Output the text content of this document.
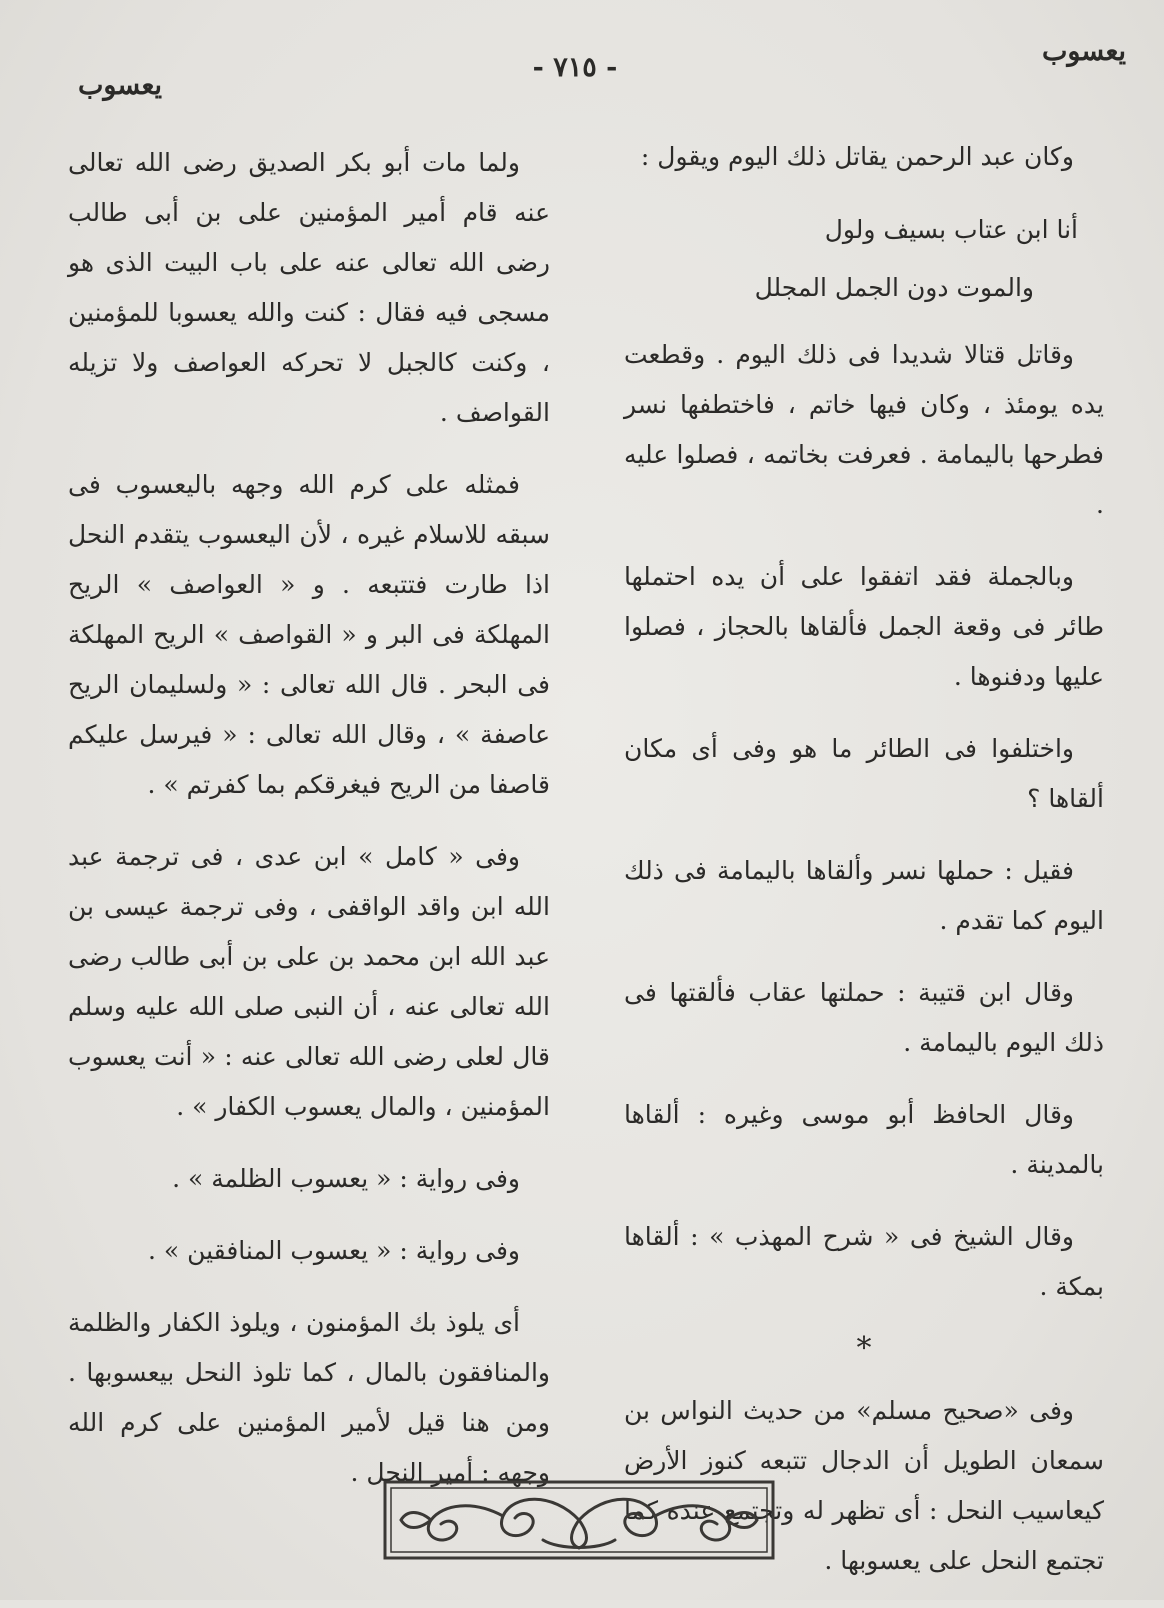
يعسوب
- ٧١٥ -
يعسوب

وكان عبد الرحمن يقاتل ذلك اليوم ويقول :

أنا ابن عتاب بسيف ولول
والموت دون الجمل المجلل

وقاتل قتالا شديدا فى ذلك اليوم . وقطعت يده يومئذ ، وكان فيها خاتم ، فاختطفها نسر فطرحها باليمامة . فعرفت بخاتمه ، فصلوا عليه .

وبالجملة فقد اتفقوا على أن يده احتملها طائر فى وقعة الجمل فألقاها بالحجاز ، فصلوا عليها ودفنوها .

واختلفوا فى الطائر ما هو وفى أى مكان ألقاها ؟

فقيل : حملها نسر وألقاها باليمامة فى ذلك اليوم كما تقدم .

وقال ابن قتيبة : حملتها عقاب فألقتها فى ذلك اليوم باليمامة .

وقال الحافظ أبو موسى وغيره : ألقاها بالمدينة .

وقال الشيخ فى « شرح المهذب » : ألقاها بمكة .

*

وفى «صحيح مسلم» من حديث النواس بن سمعان الطويل أن الدجال تتبعه كنوز الأرض كيعاسيب النحل : أى تظهر له وتجتمع عنده كما تجتمع النحل على يعسوبها .

ولما مات أبو بكر الصديق رضى الله تعالى عنه قام أمير المؤمنين على بن أبى طالب رضى الله تعالى عنه على باب البيت الذى هو مسجى فيه فقال : كنت والله يعسوبا للمؤمنين ، وكنت كالجبل لا تحركه العواصف ولا تزيله القواصف .

فمثله على كرم الله وجهه باليعسوب فى سبقه للاسلام غيره ، لأن اليعسوب يتقدم النحل اذا طارت فتتبعه . و « العواصف » الريح المهلكة فى البر و « القواصف » الريح المهلكة فى البحر . قال الله تعالى : « ولسليمان الريح عاصفة » ، وقال الله تعالى : « فيرسل عليكم قاصفا من الريح فيغرقكم بما كفرتم » .

وفى « كامل » ابن عدى ، فى ترجمة عبد الله ابن واقد الواقفى ، وفى ترجمة عيسى بن عبد الله ابن محمد بن على بن أبى طالب رضى الله تعالى عنه ، أن النبى صلى الله عليه وسلم قال لعلى رضى الله تعالى عنه : « أنت يعسوب المؤمنين ، والمال يعسوب الكفار » .

وفى رواية : « يعسوب الظلمة » .

وفى رواية : « يعسوب المنافقين » .

أى يلوذ بك المؤمنون ، ويلوذ الكفار والظلمة والمنافقون بالمال ، كما تلوذ النحل بيعسوبها . ومن هنا قيل لأمير المؤمنين على كرم الله وجهه : أمير النحل .
